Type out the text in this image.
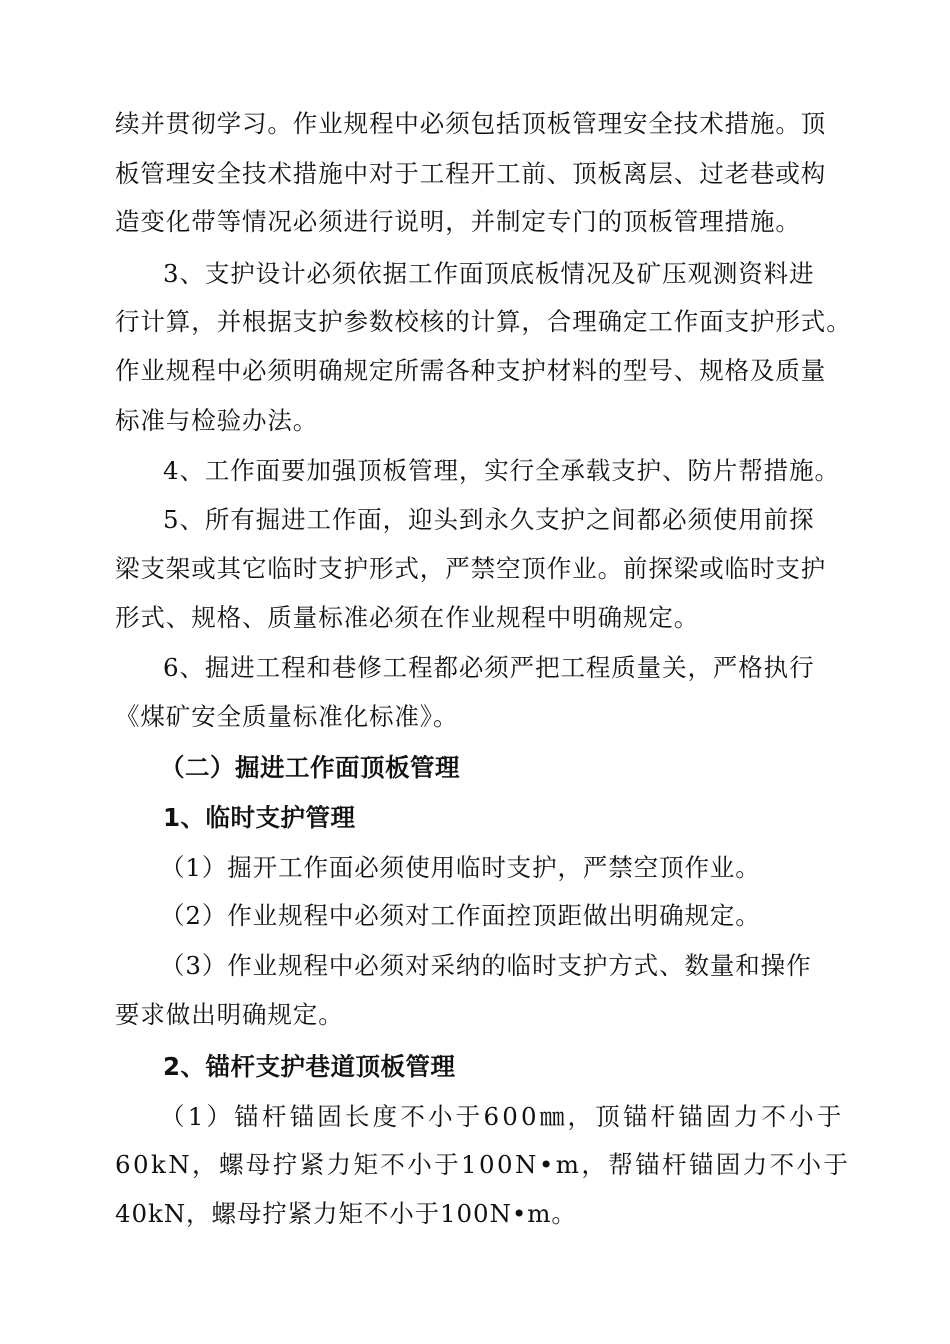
续并贯彻学习。作业规程中必须包括顶板管理安全技术措施。顶
板管理安全技术措施中对于工程开工前、顶板离层、过老巷或构
造变化带等情况必须进行说明，并制定专门的顶板管理措施。
3、支护设计必须依据工作面顶底板情况及矿压观测资料进
行计算，并根据支护参数校核的计算，合理确定工作面支护形式。
作业规程中必须明确规定所需各种支护材料的型号、规格及质量
标准与检验办法。
4、工作面要加强顶板管理，实行全承载支护、防片帮措施。
5、所有掘进工作面，迎头到永久支护之间都必须使用前探
梁支架或其它临时支护形式，严禁空顶作业。前探梁或临时支护
形式、规格、质量标准必须在作业规程中明确规定。
6、掘进工程和巷修工程都必须严把工程质量关，严格执行
《煤矿安全质量标准化标准》。
（二）掘进工作面顶板管理
1、临时支护管理
（1）掘开工作面必须使用临时支护，严禁空顶作业。
（2）作业规程中必须对工作面控顶距做出明确规定。
（3）作业规程中必须对采纳的临时支护方式、数量和操作
要求做出明确规定。
2、锚杆支护巷道顶板管理
（1）锚杆锚固长度不小于600㎜，顶锚杆锚固力不小于
60kN，螺母拧紧力矩不小于100N•m，帮锚杆锚固力不小于
40kN，螺母拧紧力矩不小于100N•m。
